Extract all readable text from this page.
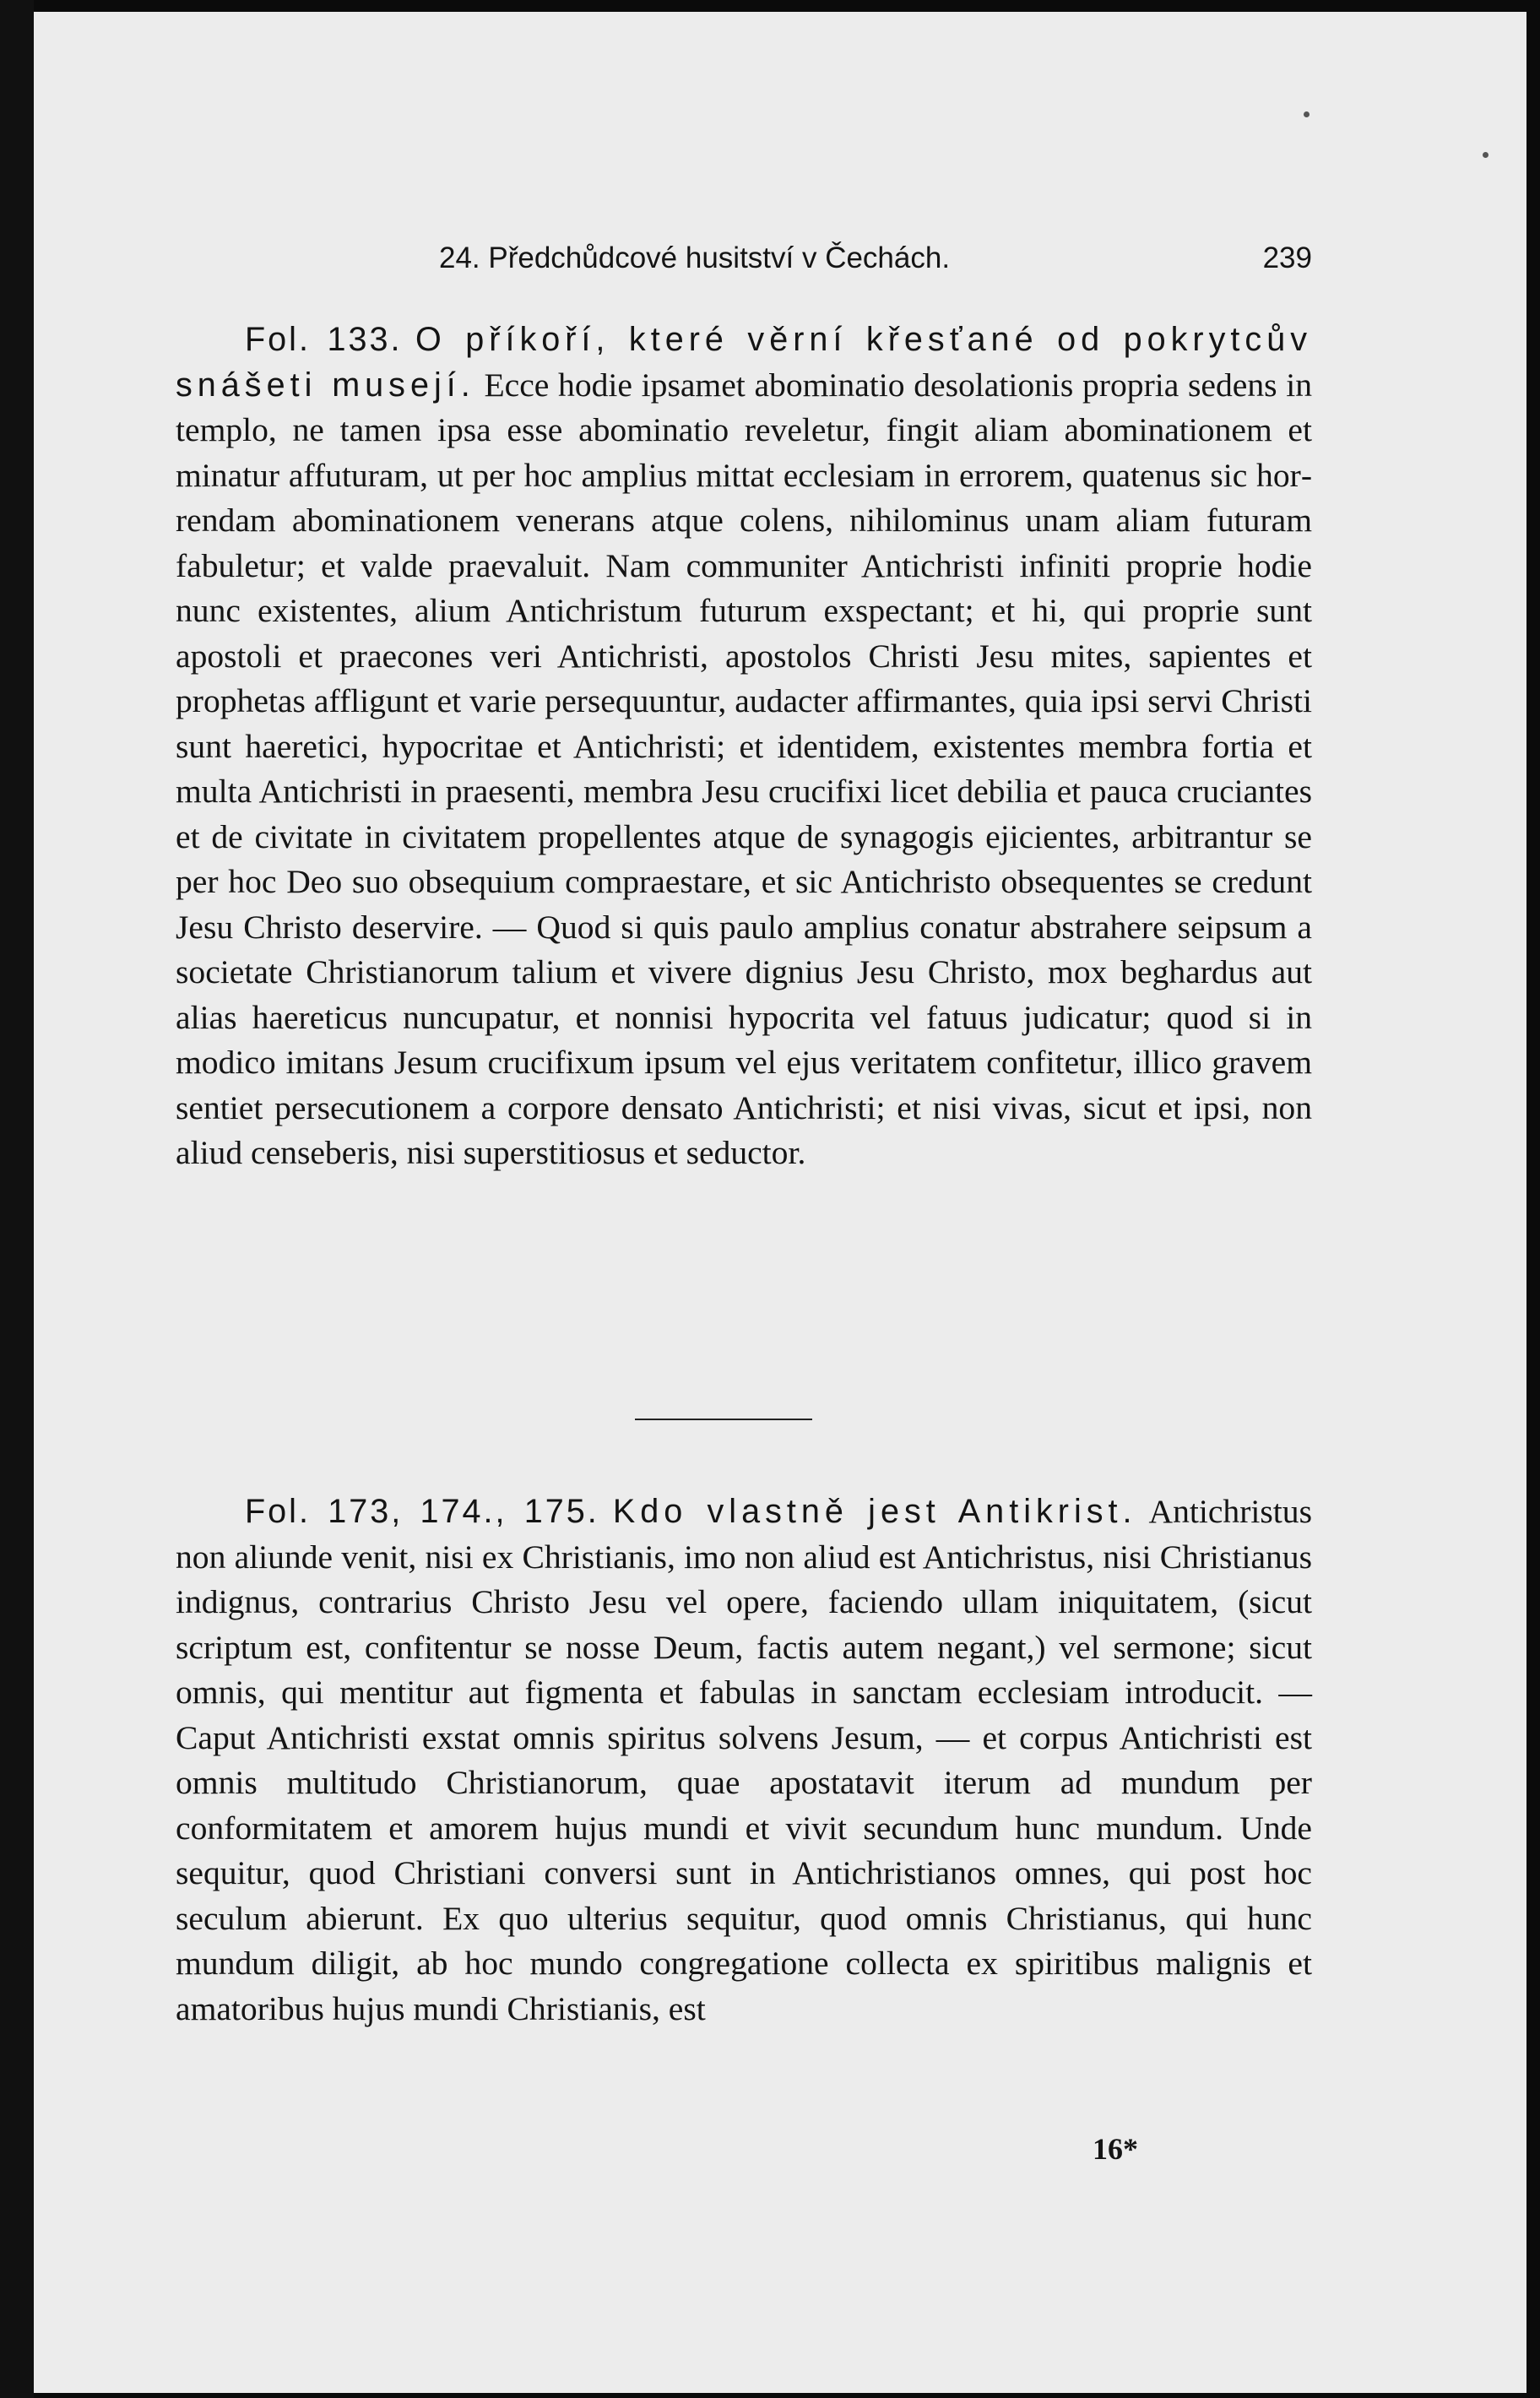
24. Předchůdcové husitství v Čechách.	239

Fol. 133. O příkoří, které věrní křesťané od pokrytcův snášeti musejí. Ecce hodie ipsamet abominatio desolationis propria sedens in templo, ne tamen ipsa esse abominatio reveletur, fingit aliam abominationem et minatur affuturam, ut per hoc amplius mittat ecclesiam in errorem, quatenus sic horrendam abominationem venerans atque colens, nihilominus unam aliam futuram fabuletur; et valde praevaluit. Nam communiter Antichristi infiniti proprie hodie nunc existentes, alium Antichristum futurum exspectant; et hi, qui proprie sunt apostoli et praecones veri Antichristi, apostolos Christi Jesu mites, sapientes et prophetas affligunt et varie persequuntur, audacter affirmantes, quia ipsi servi Christi sunt haeretici, hypocritae et Antichristi; et identidem, existentes membra fortia et multa Antichristi in praesenti, membra Jesu crucifixi licet debilia et pauca cruciantes et de civitate in civitatem propellentes atque de synagogis ejicientes, arbitrantur se per hoc Deo suo obsequium compraestare, et sic Antichristo obsequentes se credunt Jesu Christo deservire. — Quod si quis paulo amplius conatur abstrahere seipsum a societate Christianorum talium et vivere dignius Jesu Christo, mox beghardus aut alias haereticus nuncupatur, et nonnisi hypocrita vel fatuus judicatur; quod si in modico imitans Jesum crucifixum ipsum vel ejus veritatem confitetur, illico gravem sentiet persecutionem a corpore densato Antichristi; et nisi vivas, sicut et ipsi, non aliud censeberis, nisi superstitiosus et seductor.

Fol. 173, 174., 175. Kdo vlastně jest Antikrist. Antichristus non aliunde venit, nisi ex Christianis, imo non aliud est Antichristus, nisi Christianus indignus, contrarius Christo Jesu vel opere, faciendo ullam iniquitatem, (sicut scriptum est, confitentur se nosse Deum, factis autem negant,) vel sermone; sicut omnis, qui mentitur aut figmenta et fabulas in sanctam ecclesiam introducit. — Caput Antichristi exstat omnis spiritus solvens Jesum, — et corpus Antichristi est omnis multitudo Christianorum, quae apostatavit iterum ad mundum per conformitatem et amorem hujus mundi et vivit secundum hunc mundum. Unde sequitur, quod Christiani conversi sunt in Antichristianos omnes, qui post hoc seculum abierunt. Ex quo ulterius sequitur, quod omnis Christianus, qui hunc mundum diligit, ab hoc mundo congregatione collecta ex spiritibus malignis et amatoribus hujus mundi Christianis, est

16*
